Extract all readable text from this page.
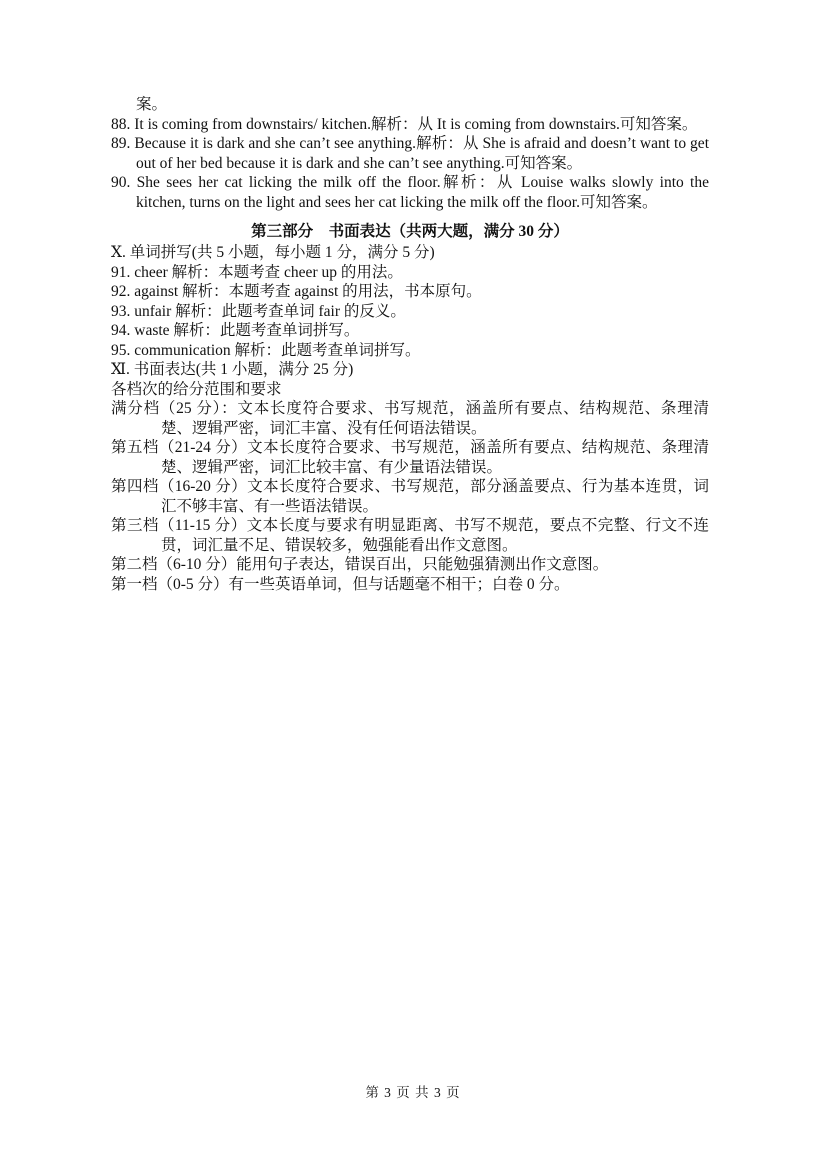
案。

88. It is coming from downstairs/ kitchen.解析：从 It is coming from downstairs.可知答案。

89. Because it is dark and she can’t see anything.解析：从 She is afraid and doesn’t want to get out of her bed because it is dark and she can’t see anything.可知答案。

90. She sees her cat licking the milk off the floor.解析：从 Louise walks slowly into the kitchen, turns on the light and sees her cat licking the milk off the floor.可知答案。

第三部分　书面表达（共两大题，满分 30 分）

Ⅹ. 单词拼写(共 5 小题，每小题 1 分，满分 5 分)

91. cheer 解析：本题考查 cheer up 的用法。

92. against 解析：本题考查 against 的用法，书本原句。

93. unfair 解析：此题考查单词 fair 的反义。

94. waste 解析：此题考查单词拼写。

95. communication 解析：此题考查单词拼写。

Ⅺ. 书面表达(共 1 小题，满分 25 分)

各档次的给分范围和要求

满分档（25 分）：文本长度符合要求、书写规范，涵盖所有要点、结构规范、条理清楚、逻辑严密，词汇丰富、没有任何语法错误。

第五档（21-24 分）文本长度符合要求、书写规范，涵盖所有要点、结构规范、条理清楚、逻辑严密，词汇比较丰富、有少量语法错误。

第四档（16-20 分）文本长度符合要求、书写规范，部分涵盖要点、行为基本连贯，词汇不够丰富、有一些语法错误。

第三档（11-15 分）文本长度与要求有明显距离、书写不规范，要点不完整、行文不连贯，词汇量不足、错误较多，勉强能看出作文意图。

第二档（6-10 分）能用句子表达，错误百出，只能勉强猜测出作文意图。

第一档（0-5 分）有一些英语单词，但与话题毫不相干；白卷 0 分。

第 3 页 共 3 页
